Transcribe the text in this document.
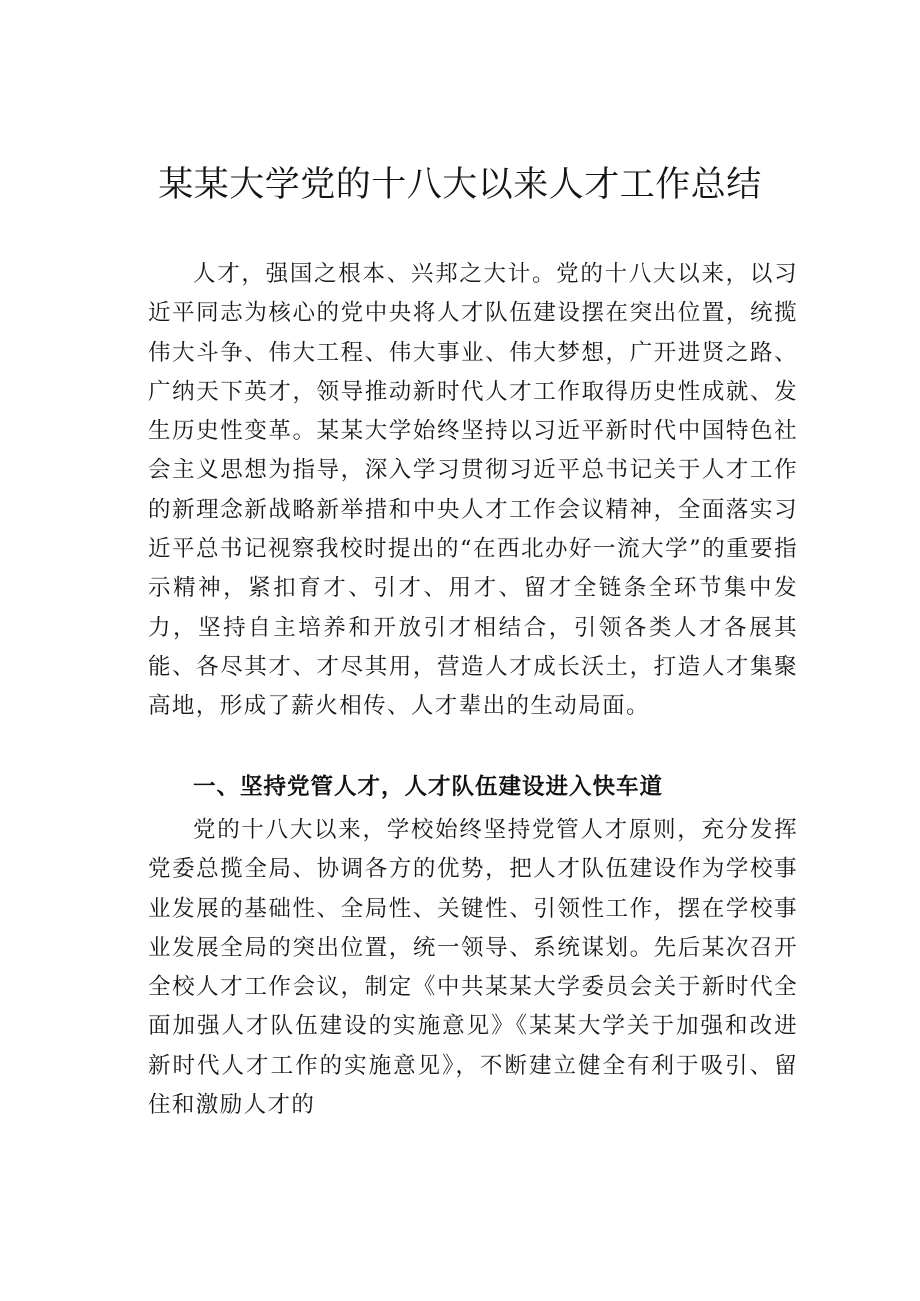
某某大学党的十八大以来人才工作总结

人才，强国之根本、兴邦之大计。党的十八大以来，以习近平同志为核心的党中央将人才队伍建设摆在突出位置，统揽伟大斗争、伟大工程、伟大事业、伟大梦想，广开进贤之路、广纳天下英才，领导推动新时代人才工作取得历史性成就、发生历史性变革。某某大学始终坚持以习近平新时代中国特色社会主义思想为指导，深入学习贯彻习近平总书记关于人才工作的新理念新战略新举措和中央人才工作会议精神，全面落实习近平总书记视察我校时提出的“在西北办好一流大学”的重要指示精神，紧扣育才、引才、用才、留才全链条全环节集中发力，坚持自主培养和开放引才相结合，引领各类人才各展其能、各尽其才、才尽其用，营造人才成长沃土，打造人才集聚高地，形成了薪火相传、人才辈出的生动局面。

一、坚持党管人才，人才队伍建设进入快车道

党的十八大以来，学校始终坚持党管人才原则，充分发挥党委总揽全局、协调各方的优势，把人才队伍建设作为学校事业发展的基础性、全局性、关键性、引领性工作，摆在学校事业发展全局的突出位置，统一领导、系统谋划。先后某次召开全校人才工作会议，制定《中共某某大学委员会关于新时代全面加强人才队伍建设的实施意见》《某某大学关于加强和改进新时代人才工作的实施意见》，不断建立健全有利于吸引、留住和激励人才的
